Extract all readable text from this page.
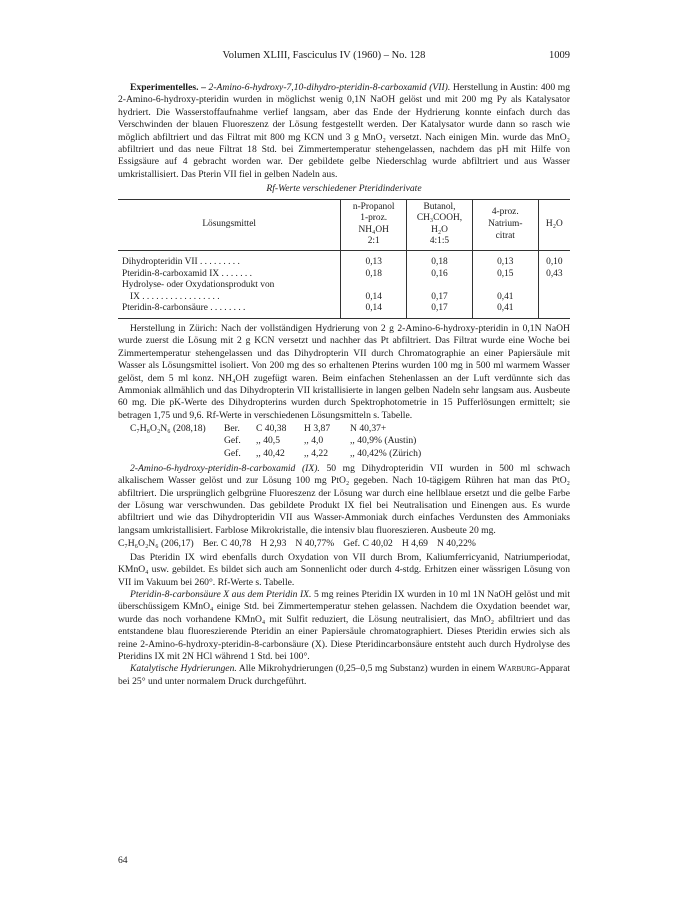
Volumen XLIII, Fasciculus IV (1960) – No. 128	1009

Experimentelles. – 2-Amino-6-hydroxy-7,10-dihydro-pteridin-8-carboxamid (VII). Herstellung in Austin: 400 mg 2-Amino-6-hydroxy-pteridin wurden in möglichst wenig 0,1N NaOH gelöst und mit 200 mg Py als Katalysator hydriert. Die Wasserstoffaufnahme verlief langsam, aber das Ende der Hydrierung konnte einfach durch das Verschwinden der blauen Fluoreszenz der Lösung festgestellt werden. Der Katalysator wurde dann so rasch wie möglich abfiltriert und das Filtrat mit 800 mg KCN und 3 g MnO₂ versetzt. Nach einigen Min. wurde das MnO₂ abfiltriert und das neue Filtrat 18 Std. bei Zimmertemperatur stehengelassen, nachdem das pH mit Hilfe von Essigsäure auf 4 gebracht worden war. Der gebildete gelbe Niederschlag wurde abfiltriert und aus Wasser umkristallisiert. Das Pterin VII fiel in gelben Nadeln aus.

Rf-Werte verschiedener Pteridinderivate
Lösungsmittel	n-Propanol
1-proz.
NH₄OH
2:1	Butanol,
CH₃COOH,
H₂O
4:1:5	4-proz.
Natrium-
citrat	H₂O
Dihydropteridin VII . . . . . . . . .	0,13	0,18	0,13	0,10
Pteridin-8-carboxamid IX . . . . . . .	0,18	0,16	0,15	0,43
Hydrolyse- oder Oxydationsprodukt von				
IX . . . . . . . . . . . . . . . . .	0,14	0,17	0,41	
Pteridin-8-carbonsäure . . . . . . . .	0,14	0,17	0,41	

Herstellung in Zürich: Nach der vollständigen Hydrierung von 2 g 2-Amino-6-hydroxy-pteridin in 0,1N NaOH wurde zuerst die Lösung mit 2 g KCN versetzt und nachher das Pt abfiltriert. Das Filtrat wurde eine Woche bei Zimmertemperatur stehengelassen und das Dihydropterin VII durch Chromatographie an einer Papiersäule mit Wasser als Lösungsmittel isoliert. Von 200 mg des so erhaltenen Pterins wurden 100 mg in 500 ml warmem Wasser gelöst, dem 5 ml konz. NH₄OH zugefügt waren. Beim einfachen Stehenlassen an der Luft verdünnte sich das Ammoniak allmählich und das Dihydropterin VII kristallisierte in langen gelben Nadeln sehr langsam aus. Ausbeute 60 mg. Die pK-Werte des Dihydropterins wurden durch Spektrophotometrie in 15 Pufferlösungen ermittelt; sie betragen 1,75 und 9,6. Rf-Werte in verschiedenen Lösungsmitteln s. Tabelle.

C₇H₈O₂N₆ (208,18)	Ber.	C 40,38	H 3,87	N 40,37+
Gef.	,, 40,5	,, 4,0	,, 40,9% (Austin)
Gef.	,, 40,42	,, 4,22	,, 40,42% (Zürich)

2-Amino-6-hydroxy-pteridin-8-carboxamid (IX). 50 mg Dihydropteridin VII wurden in 500 ml schwach alkalischem Wasser gelöst und zur Lösung 100 mg PtO₂ gegeben. Nach 10-tägigem Rühren hat man das PtO₂ abfiltriert. Die ursprünglich gelbgrüne Fluoreszenz der Lösung war durch eine hellblaue ersetzt und die gelbe Farbe der Lösung war verschwunden. Das gebildete Produkt IX fiel bei Neutralisation und Einengen aus. Es wurde abfiltriert und wie das Dihydropteridin VII aus Wasser-Ammoniak durch einfaches Verdunsten des Ammoniaks langsam umkristallisiert. Farblose Mikrokristalle, die intensiv blau fluoreszieren. Ausbeute 20 mg.

C₇H₆O₂N₆ (206,17) Ber. C 40,78 H 2,93 N 40,77% Gef. C 40,02 H 4,69 N 40,22%

Das Pteridin IX wird ebenfalls durch Oxydation von VII durch Brom, Kaliumferricyanid, Natriumperiodat, KMnO₄ usw. gebildet. Es bildet sich auch am Sonnenlicht oder durch 4-stdg. Erhitzen einer wässrigen Lösung von VII im Vakuum bei 260°. Rf-Werte s. Tabelle.

Pteridin-8-carbonsäure X aus dem Pteridin IX. 5 mg reines Pteridin IX wurden in 10 ml 1N NaOH gelöst und mit überschüssigem KMnO₄ einige Std. bei Zimmertemperatur stehen gelassen. Nachdem die Oxydation beendet war, wurde das noch vorhandene KMnO₄ mit Sulfit reduziert, die Lösung neutralisiert, das MnO₂ abfiltriert und das entstandene blau fluoreszierende Pteridin an einer Papiersäule chromatographiert. Dieses Pteridin erwies sich als reine 2-Amino-6-hydroxy-pteridin-8-carbonsäure (X). Diese Pteridincarbonsäure entsteht auch durch Hydrolyse des Pteridins IX mit 2N HCl während 1 Std. bei 100°.

Katalytische Hydrierungen. Alle Mikrohydrierungen (0,25–0,5 mg Substanz) wurden in einem Warburg-Apparat bei 25° und unter normalem Druck durchgeführt.

64
